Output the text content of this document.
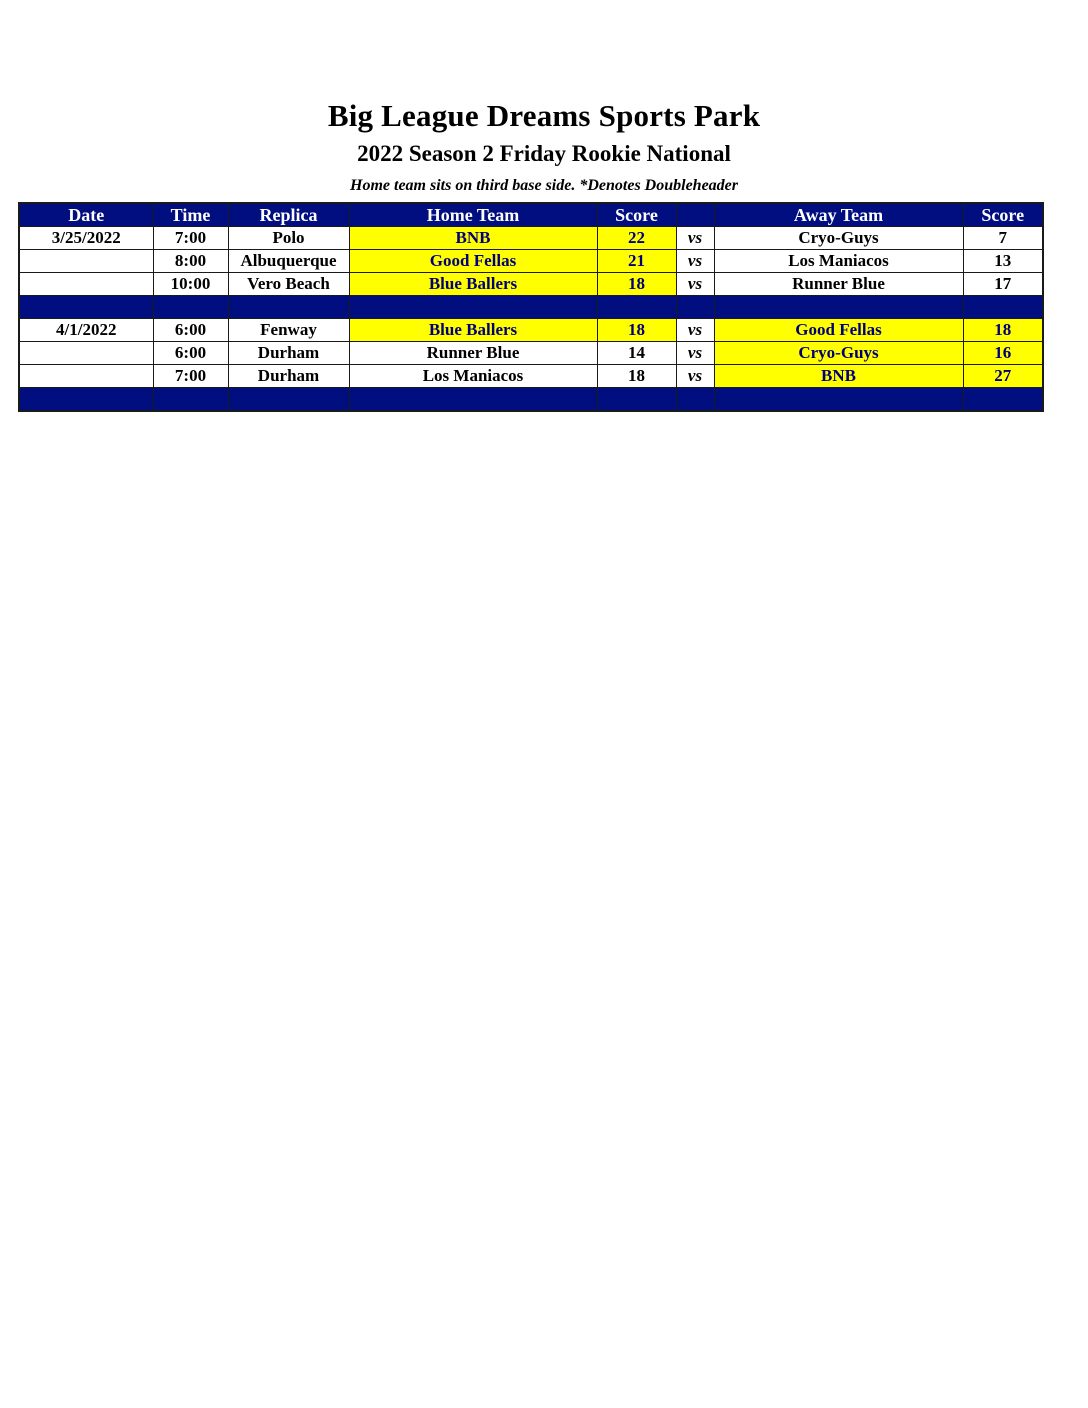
Big League Dreams Sports Park
2022 Season 2 Friday Rookie National
Home team sits on third base side. *Denotes Doubleheader
Date	Time	Replica	Home Team	Score		Away Team	Score
3/25/2022	7:00	Polo	BNB	22	vs	Cryo-Guys	7
	8:00	Albuquerque	Good Fellas	21	vs	Los Maniacos	13
	10:00	Vero Beach	Blue Ballers	18	vs	Runner Blue	17

4/1/2022	6:00	Fenway	Blue Ballers	18	vs	Good Fellas	18
	6:00	Durham	Runner Blue	14	vs	Cryo-Guys	16
	7:00	Durham	Los Maniacos	18	vs	BNB	27
